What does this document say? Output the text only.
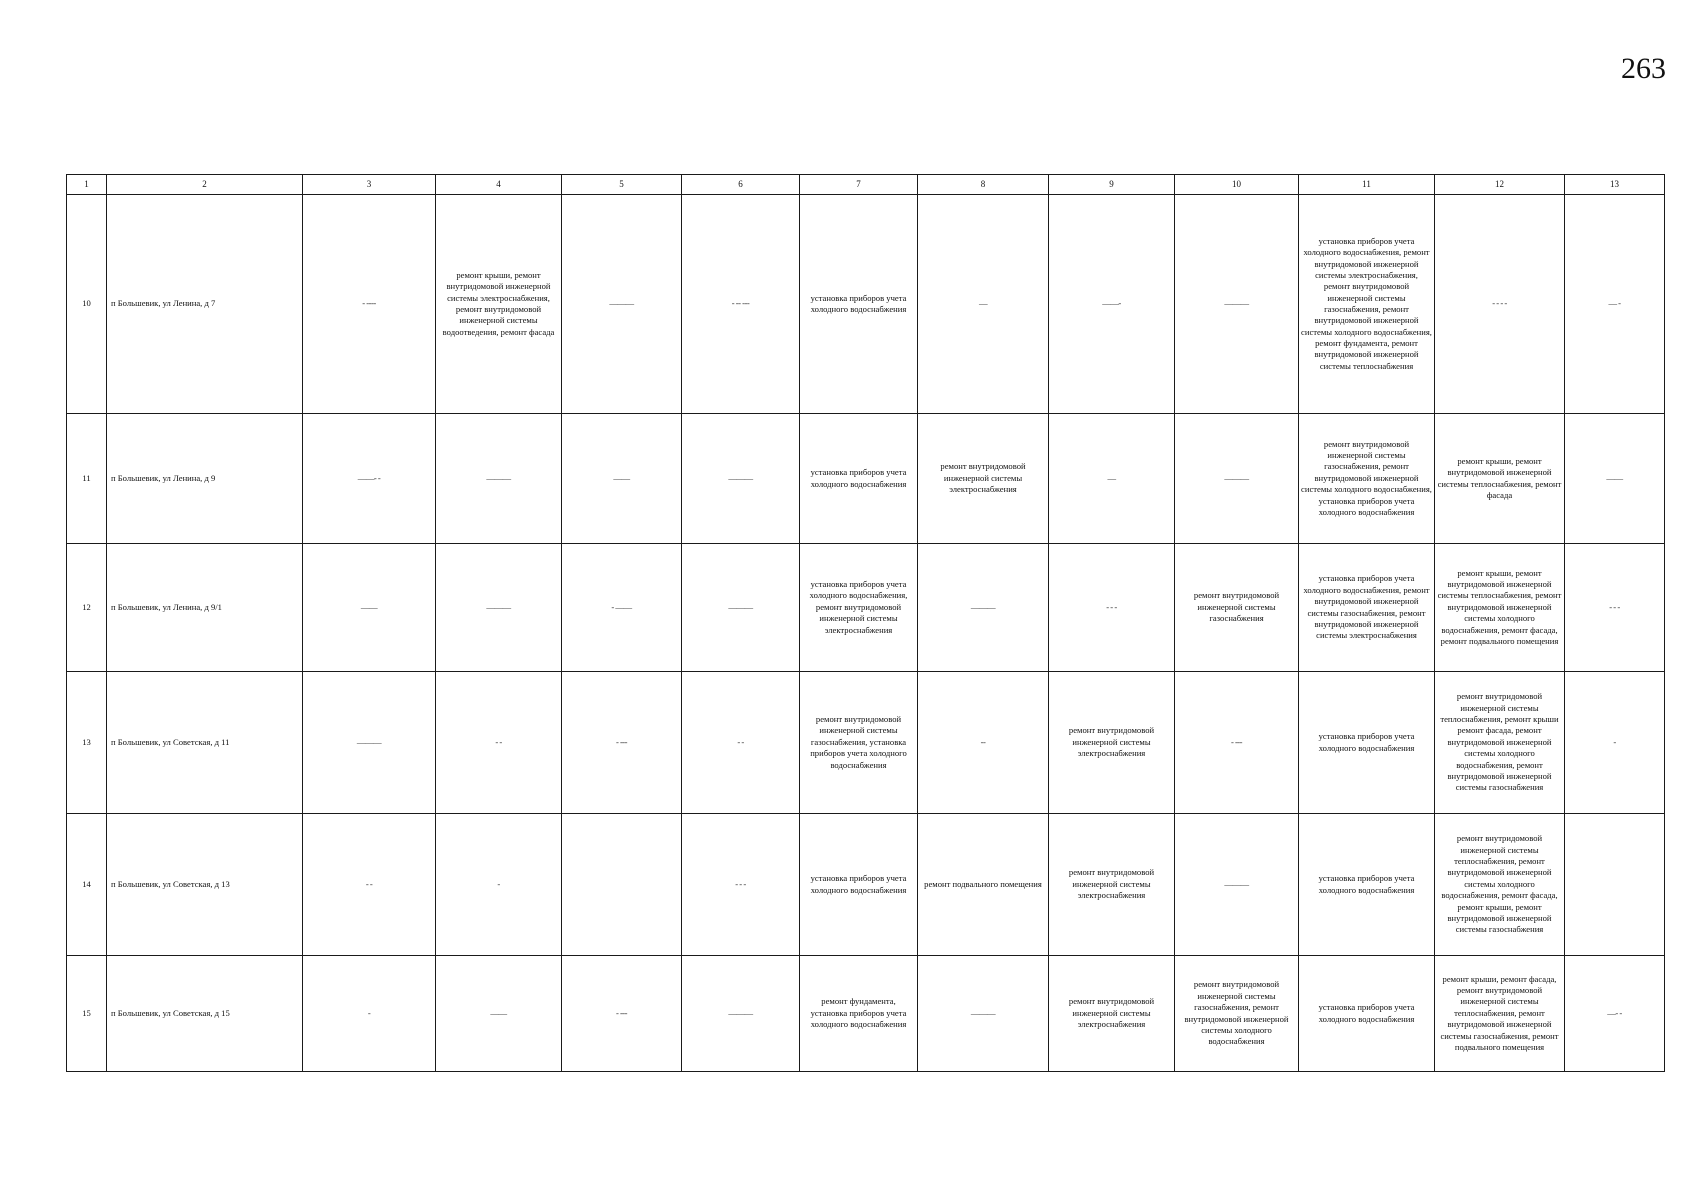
263
1	2	3	4	5	6	7	8	9	10	11	12	13
10	п Большевик, ул Ленина, д 7	- ----	ремонт крыши, ремонт внутридомовой инженерной системы электроснабжения, ремонт внутридомовой инженерной системы водоотведения, ремонт фасада	———	- -- ---	установка приборов учета холодного водоснабжения	—	——-	———	установка приборов учета холодного водоснабжения, ремонт внутридомовой инженерной системы электроснабжения, ремонт внутридомовой инженерной системы газоснабжения, ремонт внутридомовой инженерной системы холодного водоснабжения, ремонт фундамента, ремонт внутридомовой инженерной системы теплоснабжения	- - - -	— -
11	п Большевик, ул Ленина, д 9	——- -	———	——	———	установка приборов учета холодного водоснабжения	ремонт внутридомовой инженерной системы электроснабжения	—	———	ремонт внутридомовой инженерной системы газоснабжения, ремонт внутридомовой инженерной системы холодного водоснабжения, установка приборов учета холодного водоснабжения	ремонт крыши, ремонт внутридомовой инженерной системы теплоснабжения, ремонт фасада	——
12	п Большевик, ул Ленина, д 9/1	——	———	- ——	———	установка приборов учета холодного водоснабжения, ремонт внутридомовой инженерной системы электроснабжения	———	- - -	ремонт внутридомовой инженерной системы газоснабжения	установка приборов учета холодного водоснабжения, ремонт внутридомовой инженерной системы газоснабжения, ремонт внутридомовой инженерной системы электроснабжения	ремонт крыши, ремонт внутридомовой инженерной системы теплоснабжения, ремонт внутридомовой инженерной системы холодного водоснабжения, ремонт фасада, ремонт подвального помещения	- - -
13	п Большевик, ул Советская, д 11	———	- -	- ---	- -	ремонт внутридомовой инженерной системы газоснабжения, установка приборов учета холодного водоснабжения	--	ремонт внутридомовой инженерной системы электроснабжения	- ---	установка приборов учета холодного водоснабжения	ремонт внутридомовой инженерной системы теплоснабжения, ремонт крыши ремонт фасада, ремонт внутридомовой инженерной системы холодного водоснабжения, ремонт внутридомовой инженерной системы газоснабжения	-
14	п Большевик, ул Советская, д 13	- -	-		- - -	установка приборов учета холодного водоснабжения	ремонт подвального помещения	ремонт внутридомовой инженерной системы электроснабжения	———	установка приборов учета холодного водоснабжения	ремонт внутридомовой инженерной системы теплоснабжения, ремонт внутридомовой инженерной системы холодного водоснабжения, ремонт фасада, ремонт крыши, ремонт внутридомовой инженерной системы газоснабжения	
15	п Большевик, ул Советская, д 15	-	——	- ---	———	ремонт фундамента, установка приборов учета холодного водоснабжения	———	ремонт внутридомовой инженерной системы электроснабжения	ремонт внутридомовой инженерной системы газоснабжения, ремонт внутридомовой инженерной системы холодного водоснабжения	установка приборов учета холодного водоснабжения	ремонт крыши, ремонт фасада, ремонт внутридомовой инженерной системы теплоснабжения, ремонт внутридомовой инженерной системы газоснабжения, ремонт подвального помещения	—- -
